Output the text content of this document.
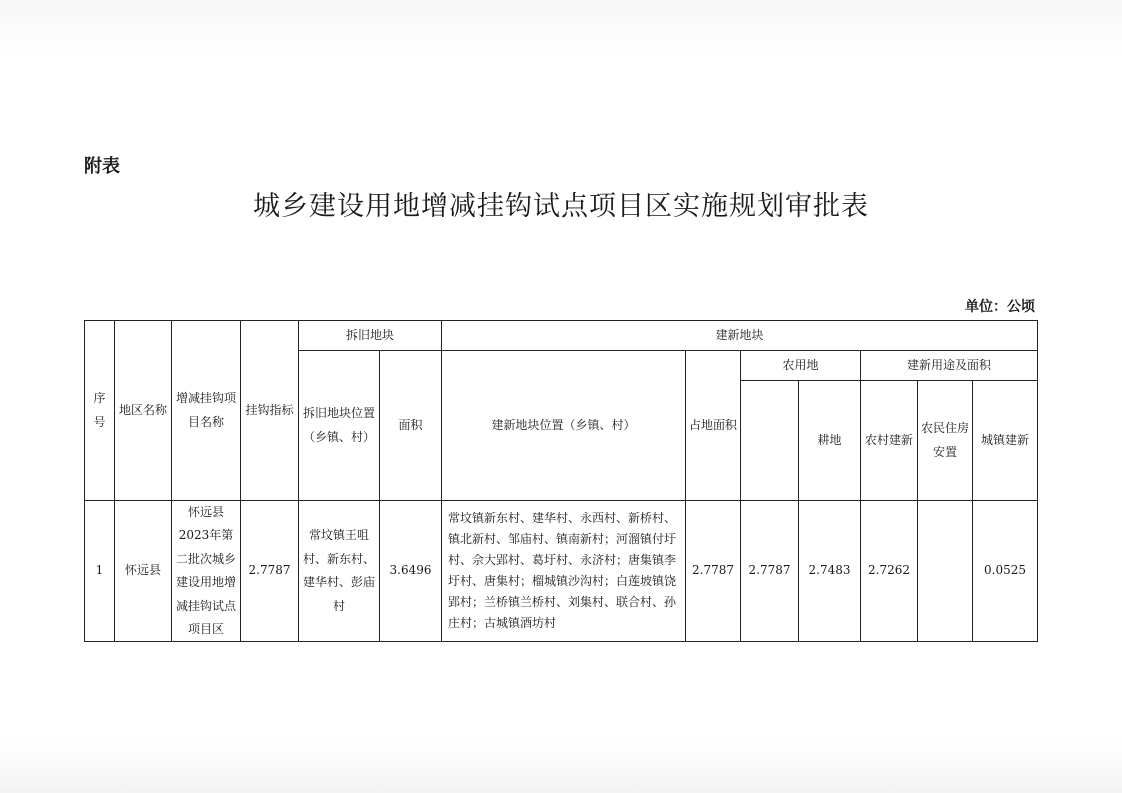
附表
城乡建设用地增减挂钩试点项目区实施规划审批表
单位：公顷
序号	地区名称	增减挂钩项目名称	挂钩指标	拆旧地块		建新地块						
				拆旧地块位置（乡镇、村）	面积	建新地块位置（乡镇、村）	占地面积	农用地		建新用途及面积		
									耕地	农村建新	农民住房安置	城镇建新

1	怀远县	怀远县2023年第二批次城乡建设用地增减挂钩试点项目区	2.7787	常坟镇王咀村、新东村、建华村、彭庙村	3.6496	常坟镇新东村、建华村、永西村、新桥村、镇北新村、邹庙村、镇南新村；河溜镇付圩村、佘大郢村、葛圩村、永济村；唐集镇李圩村、唐集村；榴城镇沙沟村；白莲坡镇饶郢村；兰桥镇兰桥村、刘集村、联合村、孙庄村；古城镇酒坊村	2.7787	2.7787	2.7483	2.7262		0.0525
